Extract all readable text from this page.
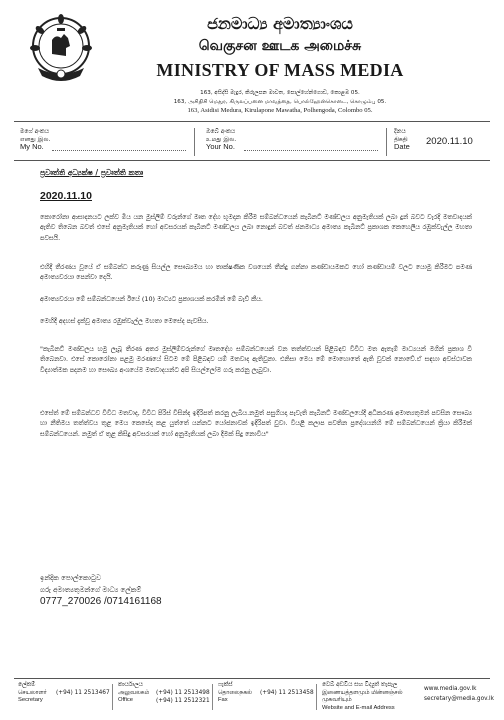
ජනමාධ්‍ය අමාත්‍යාංශය
வெகுசன ஊடக அமைச்சு
MINISTRY OF MASS MEDIA
163, අසිද්සි මැදුර, කිරුලපන මාවත, පොල්හේන්ගොඩ, කොළඹ 05.
163, அசிதிசி மெதுர, கிருலப்பனை மாவத்தை, பொல்ஹேன்கொடை, கொழும்பு 05.
163, Asidisi Medura, Kirulapone Mawatha, Polhengoda, Colombo 05.
මගේ අංකය
எனது இல.
My No.
ඔබේ අංකය
உமது இல.
Your No.
දිනය
திகதி
Date 2020.11.10
ප්‍රවෘත්ති අධ්‍යක්ෂ / ප්‍රවෘත්ති කතෘ
2020.11.10
කොරෝනා ආසාදනයට ලක්ව මිය යන මුස්ලිම් වරුන්ගේ මෘත දේහ භූමදාන කිරීම සම්බන්ධයෙන් කැබිනට් මණ්ඩලය අනුමැතියක් ලබා දුන් බවට වැරදි මතවාදයක් ඇතිව තිබෙන බවත් එසේ අනුමැතියක් හෝ අවසරයක් කැබිනට් මණ්ඩලය ලබා නොදුන් බවත් ජනමාධ්‍ය අමාත්‍ය කැබිනට් ප්‍රකාශක කෙහෙලිය රඹුක්වැල්ල මහතා පවසයි.
එහිදී තීරණය වූයේ ඒ සම්බන්ධ කරුණු සියල්ල සෞඛ්‍යමය හා තාක්ෂණික වශයෙන් තීන්දු ගන්නා කණ්ඩායමකට හෝ කණ්ඩායම් වලට යොමු කිරීමට පමණ අමාත්‍යවරයා පෙන්වා දෙයි.
අමාත්‍යවරයා මේ සම්බන්ධයෙන් ඊයේ (10) මාධ්‍යට ප්‍රකාශයක් කරමින් මේ බැව් කීය.
මෙහිදී අදහස් දැක්වූ අමාත්‍ය රඹුක්වැල්ල මහතා මෙසේද පැවසීය.
"කැබිනට් මණ්ඩලය හමු ලැබූ තීරණ අතර මුස්ලිම්වරුන්ගේ මෘතදේහ සම්බන්ධයෙන් වන තත්ත්වයන් පිළිබඳව විවිධ මත ඇතැම් මාධ්‍යයන් මගින් ප්‍රකාශ වී තිබෙනවා. එසේ කොරෝනා පළමු මරණයේ සිටම මේ පිළිබඳව යම් මතවාද ඇතිවුනා. එනිසා මෙය මේ මොහොතේ ඇති වූවක් නොවේ.ඒ සඳහා අවස්ථාවක විද්‍යාත්මක පදනම හා සෞඛ්‍ය අංශයේම මතවාදයන්ට අපි සියල්ලෝම ගරු කරනු ලැබුවා.
එසේත් මේ සම්බන්ධව විවිධ මතවාද, විවිධ පිරිස් විසින්ද ඉදිරිපත් කරනු ලැබීය.නමුත් පසුගියදා පැවැති කැබිනට් මණ්ඩලයේදී අධිකරණ අමාත්‍යතුමන් පවසින සෞඛ්‍ය හා නීතිමය තත්ත්වය තුළ මෙය කෙසේද කළ යුත්තේ යන්නට යෝජනාවක් ඉදිරිපත් වුවා. වියළි කලාප පවතින ප්‍රදේශයන්හි මේ සම්බන්ධයෙන් ක්‍රියා කිරීමක් සම්බන්ධයෙන්. නමුත් ඒ තුළ කිසිදු අවසරයක් හෝ අනුමැතියක් ලබා දීමක් සිදු නොවිය"
ඉන්දික පොල්කොටුව
ගරු අමාත්‍යතුමන්ගේ මාධ්‍ය ලේකම්
0777_270026 /0714161168
ලේකම්
செயலாளர்
Secretary
(+94) 11 2513467
කාර්යාලය
அலுவலகம்
Office
(+94) 11 2513498
(+94) 11 2512321
ෆැක්ස්
தொலைநகல்
Fax
(+94) 11 2513458
වෙබ් අඩවිය සහ විද්‍යුත් තැපෑල
இணையத்தளமும் மின்னஞ்சல் முகவரியும்
Website and E-mail Address
www.media.gov.lk
secretary@media.gov.lk
